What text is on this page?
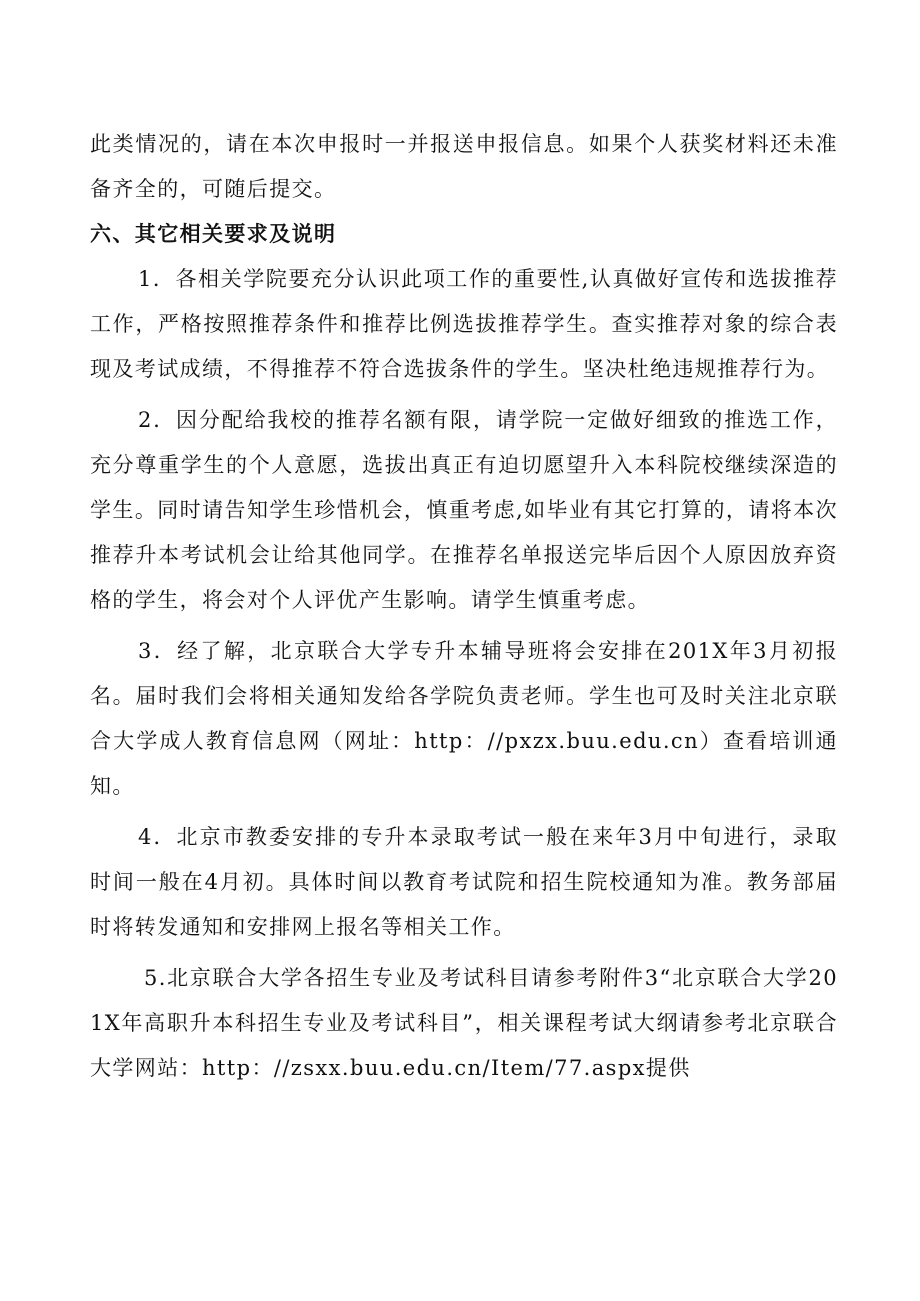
此类情况的，请在本次申报时一并报送申报信息。如果个人获奖材料还未准备齐全的，可随后提交。

六、其它相关要求及说明

1．各相关学院要充分认识此项工作的重要性,认真做好宣传和选拔推荐工作，严格按照推荐条件和推荐比例选拔推荐学生。查实推荐对象的综合表现及考试成绩，不得推荐不符合选拔条件的学生。坚决杜绝违规推荐行为。

2．因分配给我校的推荐名额有限，请学院一定做好细致的推选工作，充分尊重学生的个人意愿，选拔出真正有迫切愿望升入本科院校继续深造的学生。同时请告知学生珍惜机会，慎重考虑,如毕业有其它打算的，请将本次推荐升本考试机会让给其他同学。在推荐名单报送完毕后因个人原因放弃资格的学生，将会对个人评优产生影响。请学生慎重考虑。

3．经了解，北京联合大学专升本辅导班将会安排在201X年3月初报名。届时我们会将相关通知发给各学院负责老师。学生也可及时关注北京联合大学成人教育信息网（网址：http：//pxzx.buu.edu.cn）查看培训通知。

4．北京市教委安排的专升本录取考试一般在来年3月中旬进行，录取时间一般在4月初。具体时间以教育考试院和招生院校通知为准。教务部届时将转发通知和安排网上报名等相关工作。

5.北京联合大学各招生专业及考试科目请参考附件3“北京联合大学201X年高职升本科招生专业及考试科目”，相关课程考试大纲请参考北京联合大学网站：http：//zsxx.buu.edu.cn/Item/77.aspx提供
